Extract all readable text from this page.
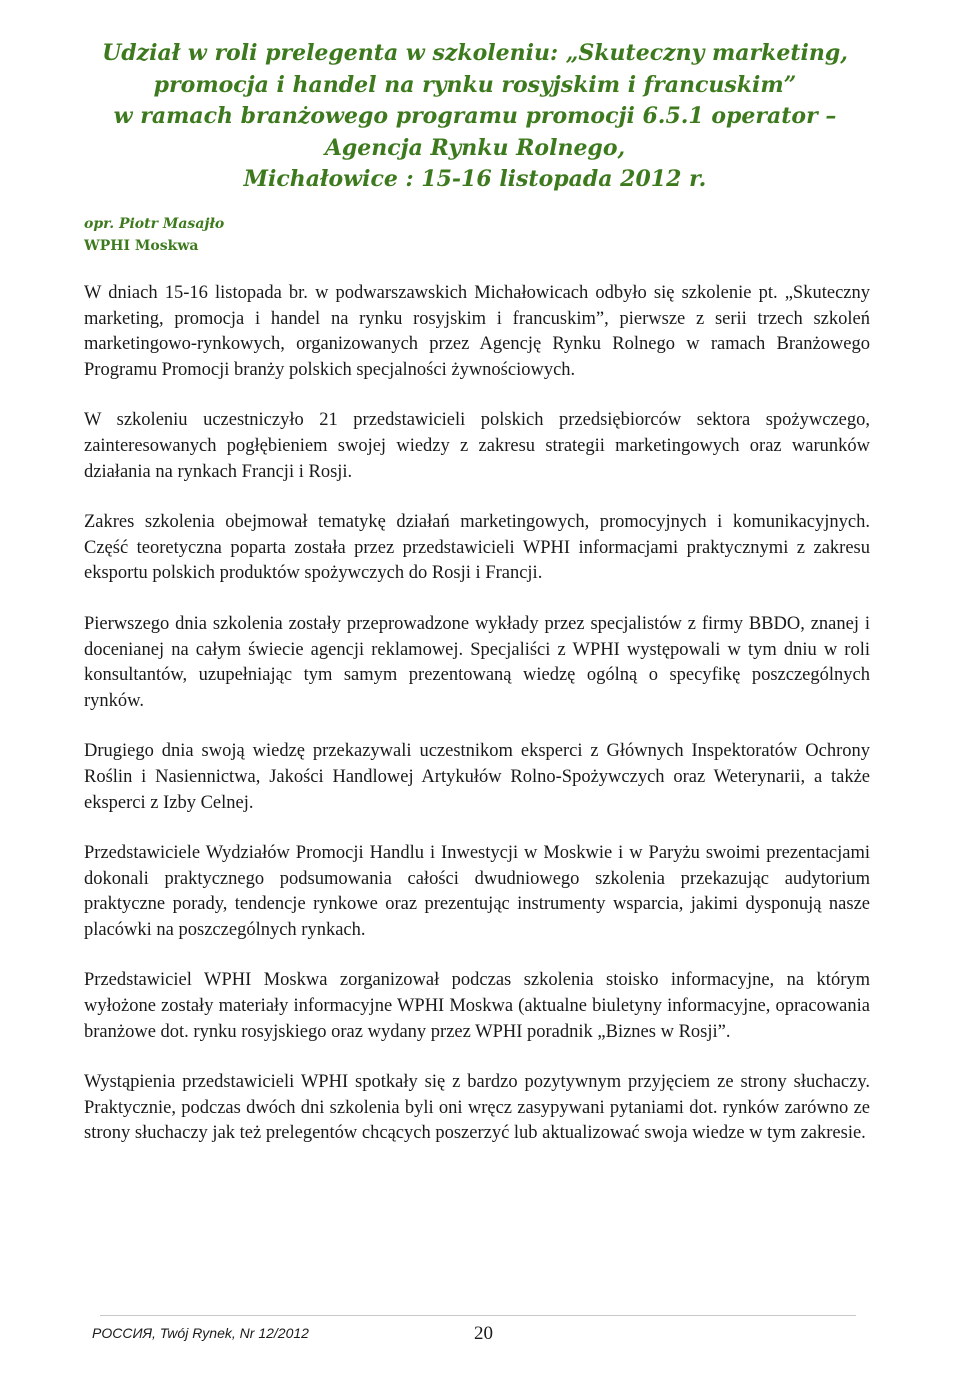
Udział w roli prelegenta w szkoleniu: „Skuteczny marketing,
promocja i handel na rynku rosyjskim i francuskim”
w ramach branżowego programu promocji 6.5.1 operator –
Agencja Rynku Rolnego,
Michałowice : 15-16 listopada 2012 r.
opr. Piotr Masajło
WPHI Moskwa

W dniach 15-16 listopada br. w podwarszawskich Michałowicach odbyło się szkolenie pt. „Skuteczny marketing, promocja i handel na rynku rosyjskim i francuskim”, pierwsze z serii trzech szkoleń marketingowo-rynkowych, organizowanych przez Agencję Rynku Rolnego w ramach Branżowego Programu Promocji branży polskich specjalności żywnościowych.

W szkoleniu uczestniczyło 21 przedstawicieli polskich przedsiębiorców sektora spożywczego, zainteresowanych pogłębieniem swojej wiedzy z zakresu strategii marketingowych oraz warunków działania na rynkach Francji i Rosji.

Zakres szkolenia obejmował tematykę działań marketingowych, promocyjnych i komunikacyjnych. Część teoretyczna poparta została przez przedstawicieli WPHI informacjami praktycznymi z zakresu eksportu polskich produktów spożywczych do Rosji i Francji.

Pierwszego dnia szkolenia zostały przeprowadzone wykłady przez specjalistów z firmy BBDO, znanej i docenianej na całym świecie agencji reklamowej. Specjaliści z WPHI występowali w tym dniu w roli konsultantów, uzupełniając tym samym prezentowaną wiedzę ogólną o specyfikę poszczególnych rynków.

Drugiego dnia swoją wiedzę przekazywali uczestnikom eksperci z Głównych Inspektoratów Ochrony Roślin i Nasiennictwa, Jakości Handlowej Artykułów Rolno-Spożywczych oraz Weterynarii, a także eksperci z Izby Celnej.

Przedstawiciele Wydziałów Promocji Handlu i Inwestycji w Moskwie i w Paryżu swoimi prezentacjami dokonali praktycznego podsumowania całości dwudniowego szkolenia przekazując audytorium praktyczne porady, tendencje rynkowe oraz prezentując instrumenty wsparcia, jakimi dysponują nasze placówki na poszczególnych rynkach.

Przedstawiciel WPHI Moskwa zorganizował podczas szkolenia stoisko informacyjne, na którym wyłożone zostały materiały informacyjne WPHI Moskwa (aktualne biuletyny informacyjne, opracowania branżowe dot. rynku rosyjskiego oraz wydany przez WPHI poradnik „Biznes w Rosji”.

Wystąpienia przedstawicieli WPHI spotkały się z bardzo pozytywnym przyjęciem ze strony słuchaczy. Praktycznie, podczas dwóch dni szkolenia byli oni wręcz zasypywani pytaniami dot. rynków zarówno ze strony słuchaczy jak też prelegentów chcących poszerzyć lub aktualizować swoja wiedze w tym zakresie.

РОССИЯ, Twój Rynek, Nr 12/2012	20
